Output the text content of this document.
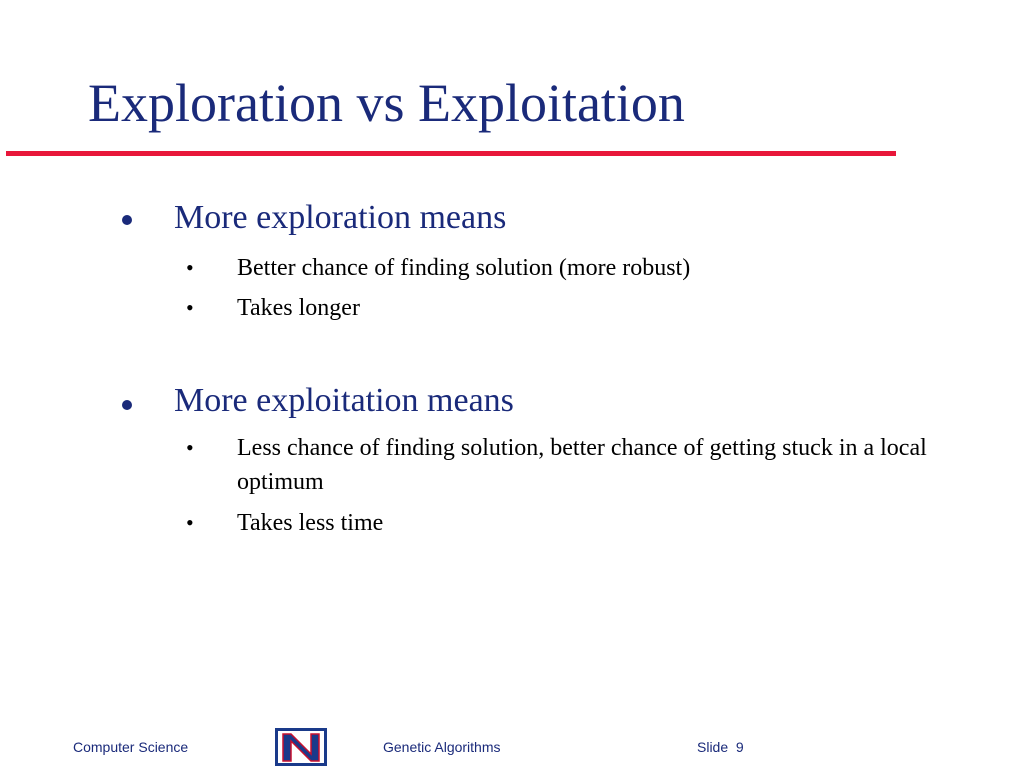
Exploration vs Exploitation
More exploration means
• Better chance of finding solution (more robust)
• Takes longer
More exploitation means
• Less chance of finding solution, better chance of getting stuck in a local optimum
• Takes less time
Computer Science	Genetic Algorithms	Slide 9
